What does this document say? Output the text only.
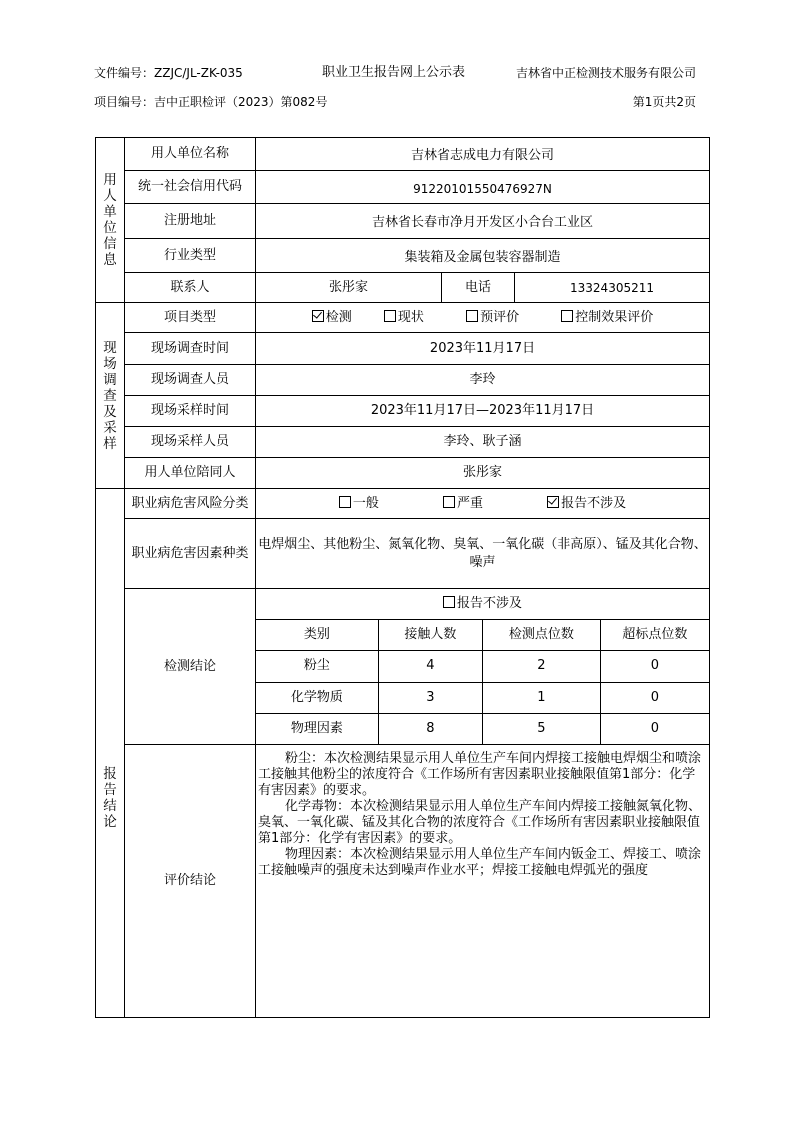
文件编号：ZZJC/JL-ZK-035	职业卫生报告网上公示表	吉林省中正检测技术服务有限公司
项目编号：吉中正职检评（2023）第082号	第1页共2页
用人单位信息
	用人单位名称	吉林省志成电力有限公司
统一社会信用代码	91220101550476927N
注册地址	吉林省长春市净月开发区小合台工业区
行业类型	集装箱及金属包装容器制造
联系人	张彤家	电话	13324305211

现场调查及采样
	项目类型	检测	现状	预评价	控制效果评价
现场调查时间	2023年11月17日
现场调查人员	李玲
现场采样时间	2023年11月17日—2023年11月17日
现场采样人员	李玲、耿子涵
用人单位陪同人	张彤家

报告结论
	职业病危害风险分类	一般	严重	报告不涉及
职业病危害因素种类	电焊烟尘、其他粉尘、氮氧化物、臭氧、一氧化碳（非高原）、锰及其化合物、噪声
检测结论	
报告不涉及
类别	接触人数	检测点位数	超标点位数
粉尘	4	2	0
化学物质	3	1	0
物理因素	8	5	0

评价结论	

粉尘：本次检测结果显示用人单位生产车间内焊接工接触电焊烟尘和喷涂工接触其他粉尘的浓度符合《工作场所有害因素职业接触限值第1部分：化学有害因素》的要求。

化学毒物：本次检测结果显示用人单位生产车间内焊接工接触氮氧化物、臭氧、一氧化碳、锰及其化合物的浓度符合《工作场所有害因素职业接触限值第1部分：化学有害因素》的要求。

物理因素：本次检测结果显示用人单位生产车间内钣金工、焊接工、喷涂工接触噪声的强度未达到噪声作业水平；焊接工接触电焊弧光的强度
